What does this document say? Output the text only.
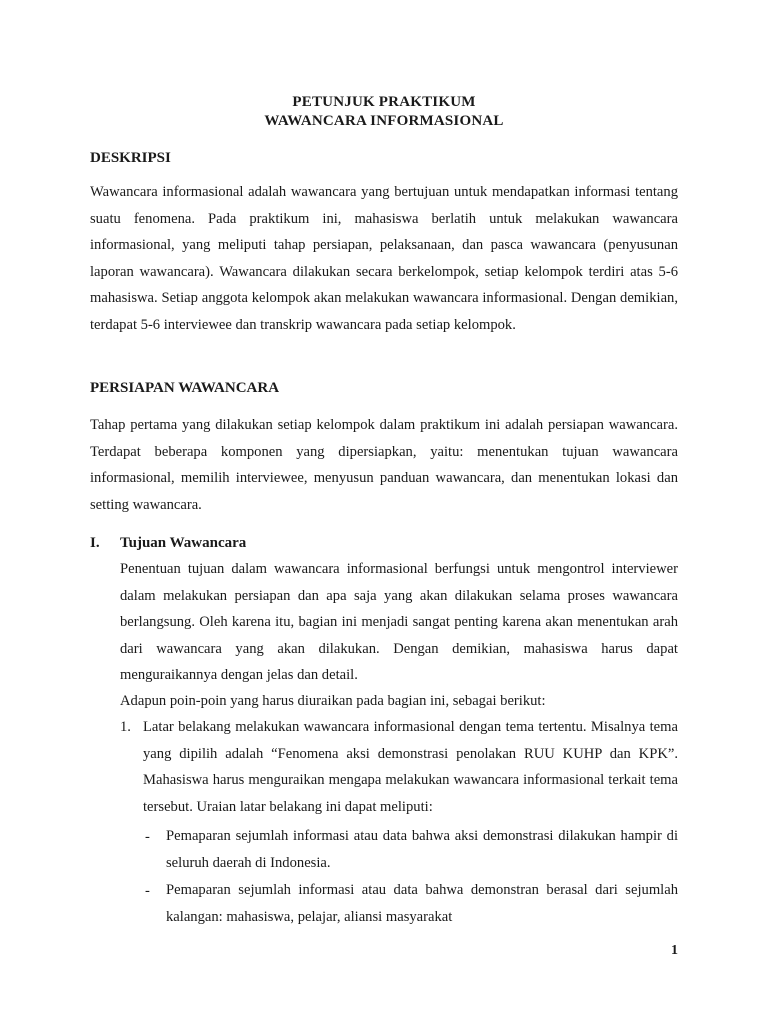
PETUNJUK PRAKTIKUM
WAWANCARA INFORMASIONAL
DESKRIPSI
Wawancara informasional adalah wawancara yang bertujuan untuk mendapatkan informasi tentang suatu fenomena. Pada praktikum ini, mahasiswa berlatih untuk melakukan wawancara informasional, yang meliputi tahap persiapan, pelaksanaan, dan pasca wawancara (penyusunan laporan wawancara). Wawancara dilakukan secara berkelompok, setiap kelompok terdiri atas 5-6 mahasiswa. Setiap anggota kelompok akan melakukan wawancara informasional. Dengan demikian, terdapat 5-6 interviewee dan transkrip wawancara pada setiap kelompok.
PERSIAPAN WAWANCARA
Tahap pertama yang dilakukan setiap kelompok dalam praktikum ini adalah persiapan wawancara. Terdapat beberapa komponen yang dipersiapkan, yaitu: menentukan tujuan wawancara informasional, memilih interviewee, menyusun panduan wawancara, dan menentukan lokasi dan setting wawancara.
I. Tujuan Wawancara
Penentuan tujuan dalam wawancara informasional berfungsi untuk mengontrol interviewer dalam melakukan persiapan dan apa saja yang akan dilakukan selama proses wawancara berlangsung. Oleh karena itu, bagian ini menjadi sangat penting karena akan menentukan arah dari wawancara yang akan dilakukan. Dengan demikian, mahasiswa harus dapat menguraikannya dengan jelas dan detail.
Adapun poin-poin yang harus diuraikan pada bagian ini, sebagai berikut:
1. Latar belakang melakukan wawancara informasional dengan tema tertentu. Misalnya tema yang dipilih adalah “Fenomena aksi demonstrasi penolakan RUU KUHP dan KPK”. Mahasiswa harus menguraikan mengapa melakukan wawancara informasional terkait tema tersebut. Uraian latar belakang ini dapat meliputi:
- Pemaparan sejumlah informasi atau data bahwa aksi demonstrasi dilakukan hampir di seluruh daerah di Indonesia.
- Pemaparan sejumlah informasi atau data bahwa demonstran berasal dari sejumlah kalangan: mahasiswa, pelajar, aliansi masyarakat
1
